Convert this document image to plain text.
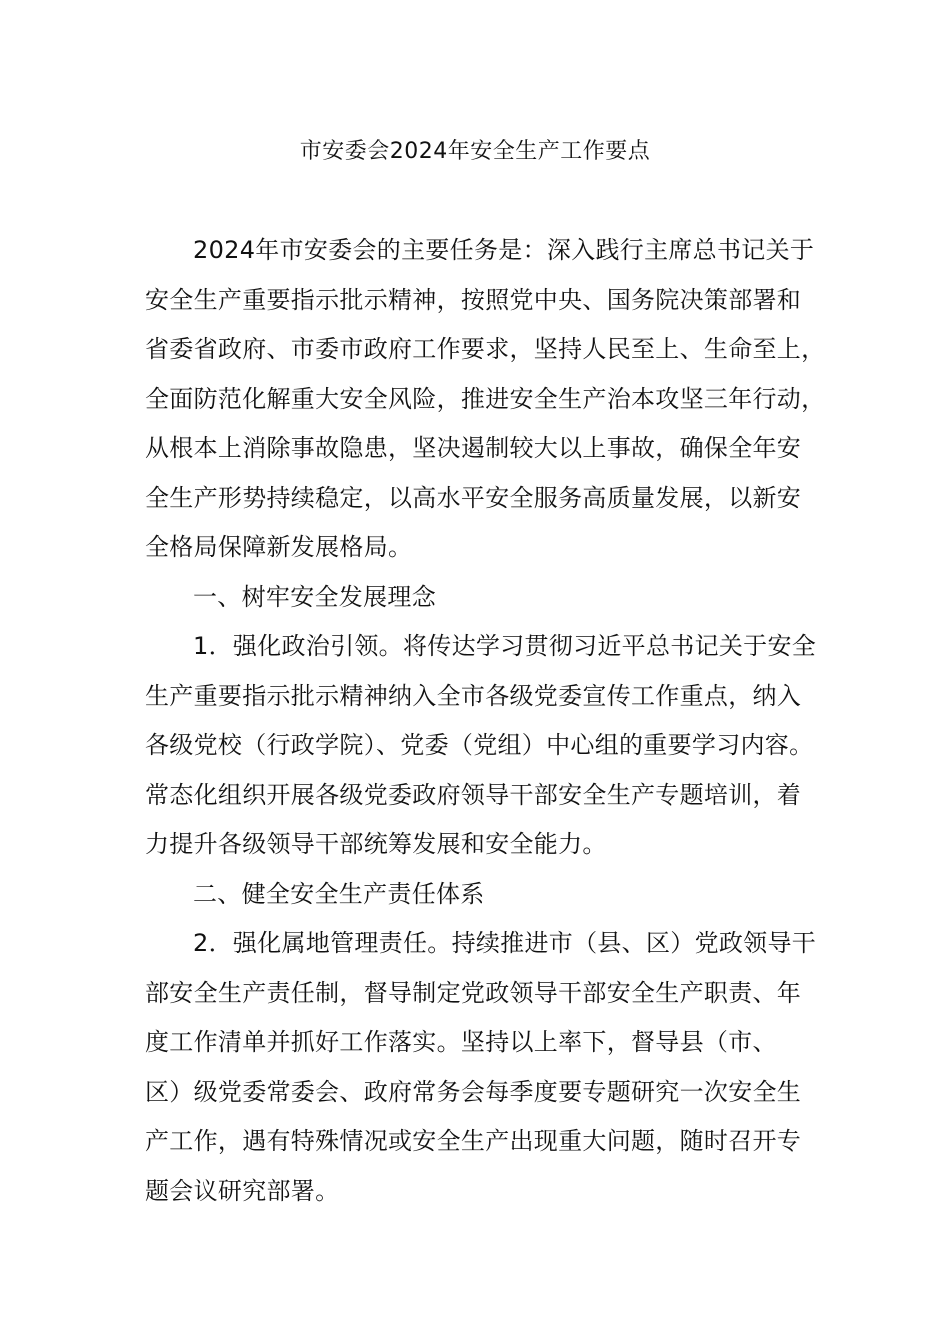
市安委会2024年安全生产工作要点
2024年市安委会的主要任务是：深入践行主席总书记关于
安全生产重要指示批示精神，按照党中央、国务院决策部署和
省委省政府、市委市政府工作要求，坚持人民至上、生命至上，
全面防范化解重大安全风险，推进安全生产治本攻坚三年行动，
从根本上消除事故隐患，坚决遏制较大以上事故，确保全年安
全生产形势持续稳定，以高水平安全服务高质量发展，以新安
全格局保障新发展格局。
一、树牢安全发展理念
1．强化政治引领。将传达学习贯彻习近平总书记关于安全
生产重要指示批示精神纳入全市各级党委宣传工作重点，纳入
各级党校（行政学院）、党委（党组）中心组的重要学习内容。
常态化组织开展各级党委政府领导干部安全生产专题培训，着
力提升各级领导干部统筹发展和安全能力。
二、健全安全生产责任体系
2．强化属地管理责任。持续推进市（县、区）党政领导干
部安全生产责任制，督导制定党政领导干部安全生产职责、年
度工作清单并抓好工作落实。坚持以上率下，督导县（市、
区）级党委常委会、政府常务会每季度要专题研究一次安全生
产工作，遇有特殊情况或安全生产出现重大问题，随时召开专
题会议研究部署。
